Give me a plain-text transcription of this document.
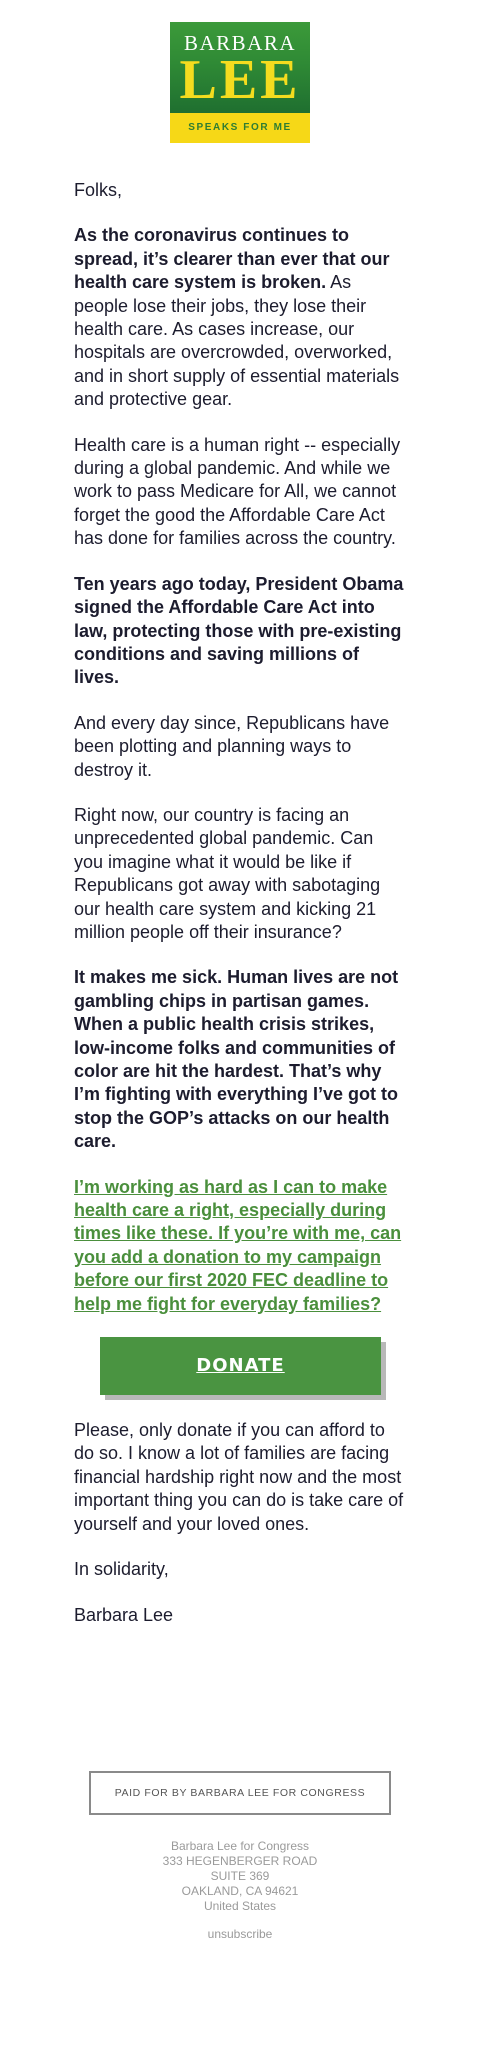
BARBARA
LEE
SPEAKS FOR ME

Folks,

As the coronavirus continues to spread, it’s clearer than ever that our health care system is broken. As people lose their jobs, they lose their health care. As cases increase, our hospitals are overcrowded, overworked, and in short supply of essential materials and protective gear.

Health care is a human right -- especially during a global pandemic. And while we work to pass Medicare for All, we cannot forget the good the Affordable Care Act has done for families across the country.

Ten years ago today, President Obama signed the Affordable Care Act into law, protecting those with pre-existing conditions and saving millions of lives.

And every day since, Republicans have been plotting and planning ways to destroy it.

Right now, our country is facing an unprecedented global pandemic. Can you imagine what it would be like if Republicans got away with sabotaging our health care system and kicking 21 million people off their insurance?

It makes me sick. Human lives are not gambling chips in partisan games. When a public health crisis strikes, low-income folks and communities of color are hit the hardest. That’s why I’m fighting with everything I’ve got to stop the GOP’s attacks on our health care.

I’m working as hard as I can to make health care a right, especially during times like these. If you’re with me, can you add a donation to my campaign before our first 2020 FEC deadline to help me fight for everyday families?

DONATE

Please, only donate if you can afford to do so. I know a lot of families are facing financial hardship right now and the most important thing you can do is take care of yourself and your loved ones.

In solidarity,

Barbara Lee

PAID FOR BY BARBARA LEE FOR CONGRESS
Barbara Lee for Congress
333 HEGENBERGER ROAD
SUITE 369
OAKLAND, CA 94621
United States
unsubscribe
